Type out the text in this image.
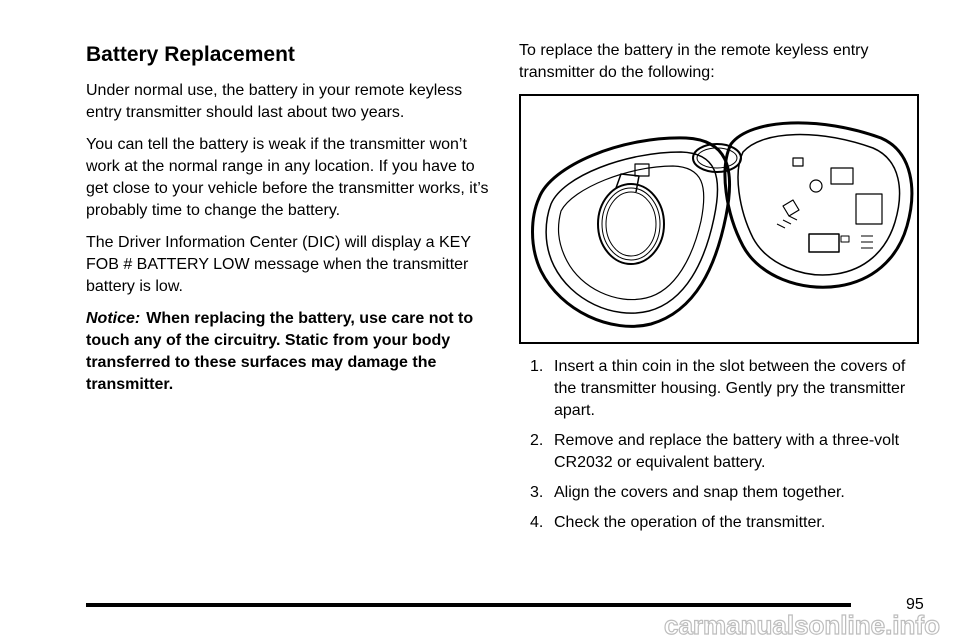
Battery Replacement

Under normal use, the battery in your remote keyless entry transmitter should last about two years.

You can tell the battery is weak if the transmitter won’t work at the normal range in any location. If you have to get close to your vehicle before the transmitter works, it’s probably time to change the battery.

The Driver Information Center (DIC) will display a KEY FOB # BATTERY LOW message when the transmitter battery is low.

Notice: When replacing the battery, use care not to touch any of the circuitry. Static from your body transferred to these surfaces may damage the transmitter.

To replace the battery in the remote keyless entry transmitter do the following:

1. Insert a thin coin in the slot between the covers of the transmitter housing. Gently pry the transmitter apart.
2. Remove and replace the battery with a three-volt CR2032 or equivalent battery.
3. Align the covers and snap them together.
4. Check the operation of the transmitter.
95
carmanualsonline.info
